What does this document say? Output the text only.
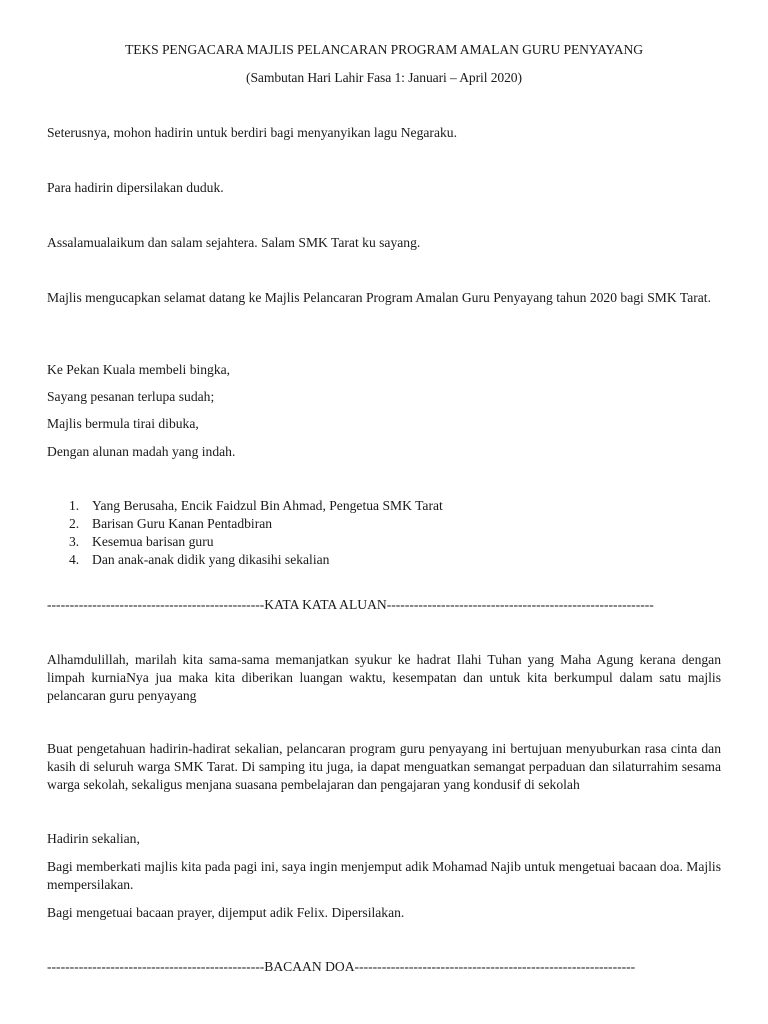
TEKS PENGACARA MAJLIS PELANCARAN PROGRAM AMALAN GURU PENYAYANG
(Sambutan Hari Lahir Fasa 1: Januari – April 2020)
Seterusnya, mohon hadirin untuk berdiri bagi menyanyikan lagu Negaraku.
Para hadirin dipersilakan duduk.
Assalamualaikum dan salam sejahtera. Salam SMK Tarat ku sayang.
Majlis mengucapkan selamat datang ke Majlis Pelancaran Program Amalan Guru Penyayang tahun 2020 bagi SMK Tarat.
Ke Pekan Kuala membeli bingka,
Sayang pesanan terlupa sudah;
Majlis bermula tirai dibuka,
Dengan alunan madah yang indah.
1. Yang Berusaha, Encik Faidzul Bin Ahmad, Pengetua SMK Tarat
2. Barisan Guru Kanan Pentadbiran
3. Kesemua barisan guru
4. Dan anak-anak didik yang dikasihi sekalian
------------------------------------------------KATA KATA ALUAN-----------------------------------------------------------
Alhamdulillah, marilah kita sama-sama memanjatkan syukur ke hadrat Ilahi Tuhan yang Maha Agung kerana dengan limpah kurniaNya jua maka kita diberikan luangan waktu, kesempatan dan untuk kita berkumpul dalam satu majlis pelancaran guru penyayang
Buat pengetahuan hadirin-hadirat sekalian, pelancaran program guru penyayang ini bertujuan menyuburkan rasa cinta dan kasih di seluruh warga SMK Tarat. Di samping itu juga, ia dapat menguatkan semangat perpaduan dan silaturrahim sesama warga sekolah, sekaligus menjana suasana pembelajaran dan pengajaran yang kondusif di sekolah
Hadirin sekalian,
Bagi memberkati majlis kita pada pagi ini, saya ingin menjemput adik Mohamad Najib untuk mengetuai bacaan doa. Majlis mempersilakan.
Bagi mengetuai bacaan prayer, dijemput adik Felix. Dipersilakan.
------------------------------------------------BACAAN DOA--------------------------------------------------------------
